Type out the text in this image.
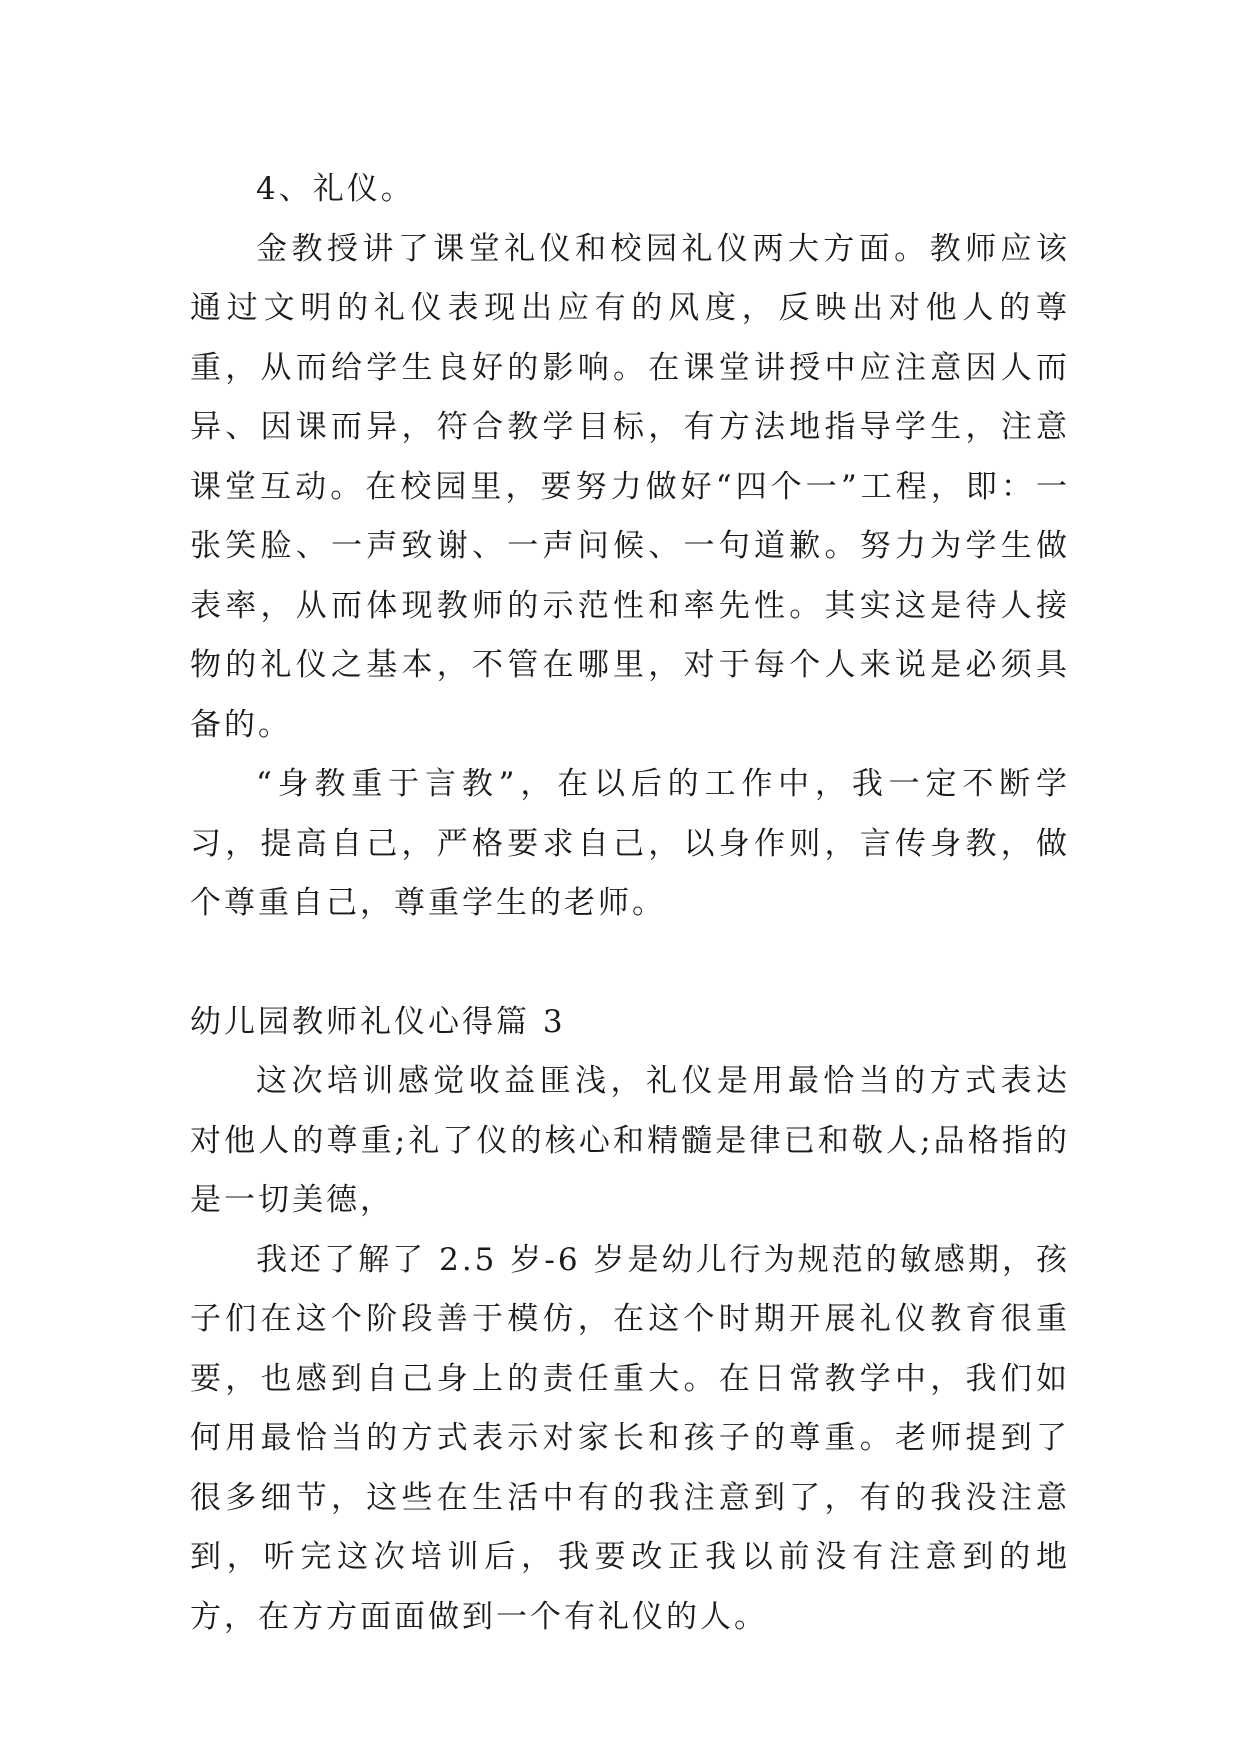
4、礼仪。

金教授讲了课堂礼仪和校园礼仪两大方面。教师应该通过文明的礼仪表现出应有的风度，反映出对他人的尊重，从而给学生良好的影响。在课堂讲授中应注意因人而异、因课而异，符合教学目标，有方法地指导学生，注意课堂互动。在校园里，要努力做好“四个一”工程，即：一张笑脸、一声致谢、一声问候、一句道歉。努力为学生做表率，从而体现教师的示范性和率先性。其实这是待人接物的礼仪之基本，不管在哪里，对于每个人来说是必须具备的。

“身教重于言教”，在以后的工作中，我一定不断学习，提高自己，严格要求自己，以身作则，言传身教，做个尊重自己，尊重学生的老师。

幼儿园教师礼仪心得篇 3

这次培训感觉收益匪浅，礼仪是用最恰当的方式表达对他人的尊重;礼了仪的核心和精髓是律已和敬人;品格指的是一切美德，

我还了解了 2.5 岁-6 岁是幼儿行为规范的敏感期，孩子们在这个阶段善于模仿，在这个时期开展礼仪教育很重要，也感到自己身上的责任重大。在日常教学中，我们如何用最恰当的方式表示对家长和孩子的尊重。老师提到了很多细节，这些在生活中有的我注意到了，有的我没注意到，听完这次培训后，我要改正我以前没有注意到的地方，在方方面面做到一个有礼仪的人。
